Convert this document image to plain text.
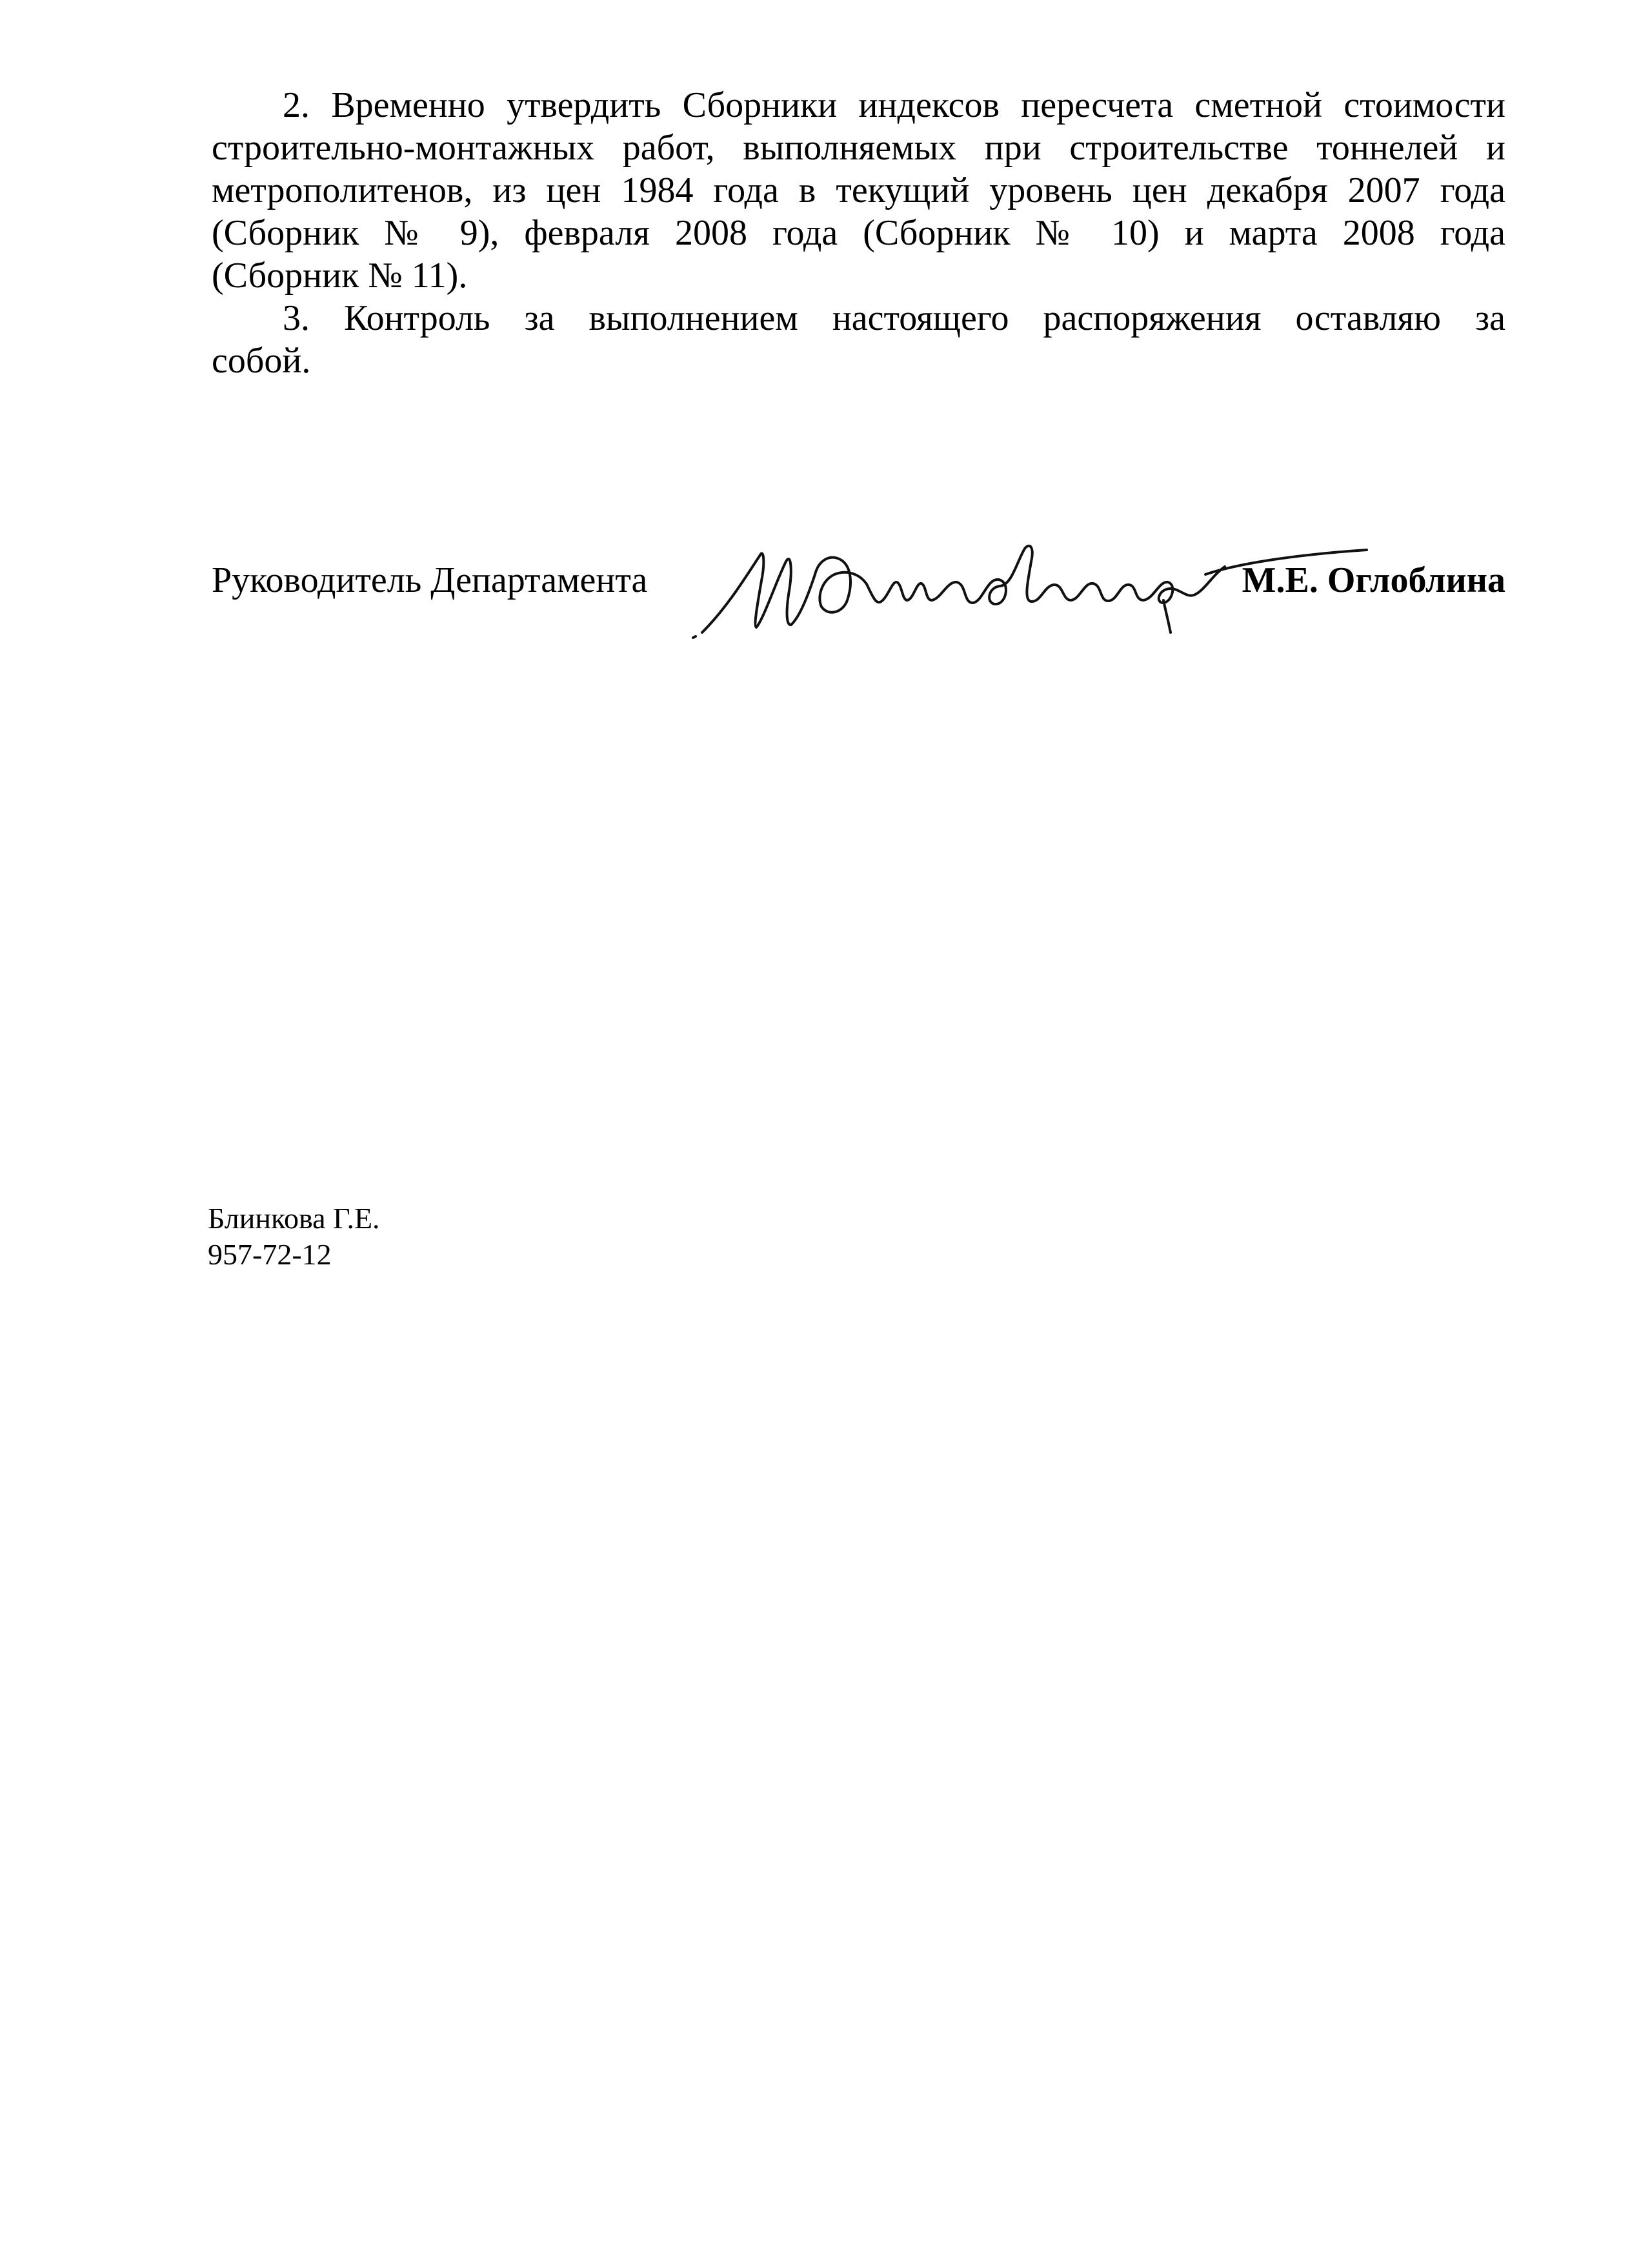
2. Временно утвердить Сборники индексов пересчета сметной стоимости
строительно-монтажных работ, выполняемых при строительстве тоннелей и
метрополитенов, из цен 1984 года в текущий уровень цен декабря 2007 года
(Сборник № 9), февраля 2008 года (Сборник № 10) и марта 2008 года
(Сборник № 11).

3. Контроль за выполнением настоящего распоряжения оставляю за
собой.

Руководитель Департамента	М.Е. Оглоблина
Блинкова Г.Е.
957-72-12
